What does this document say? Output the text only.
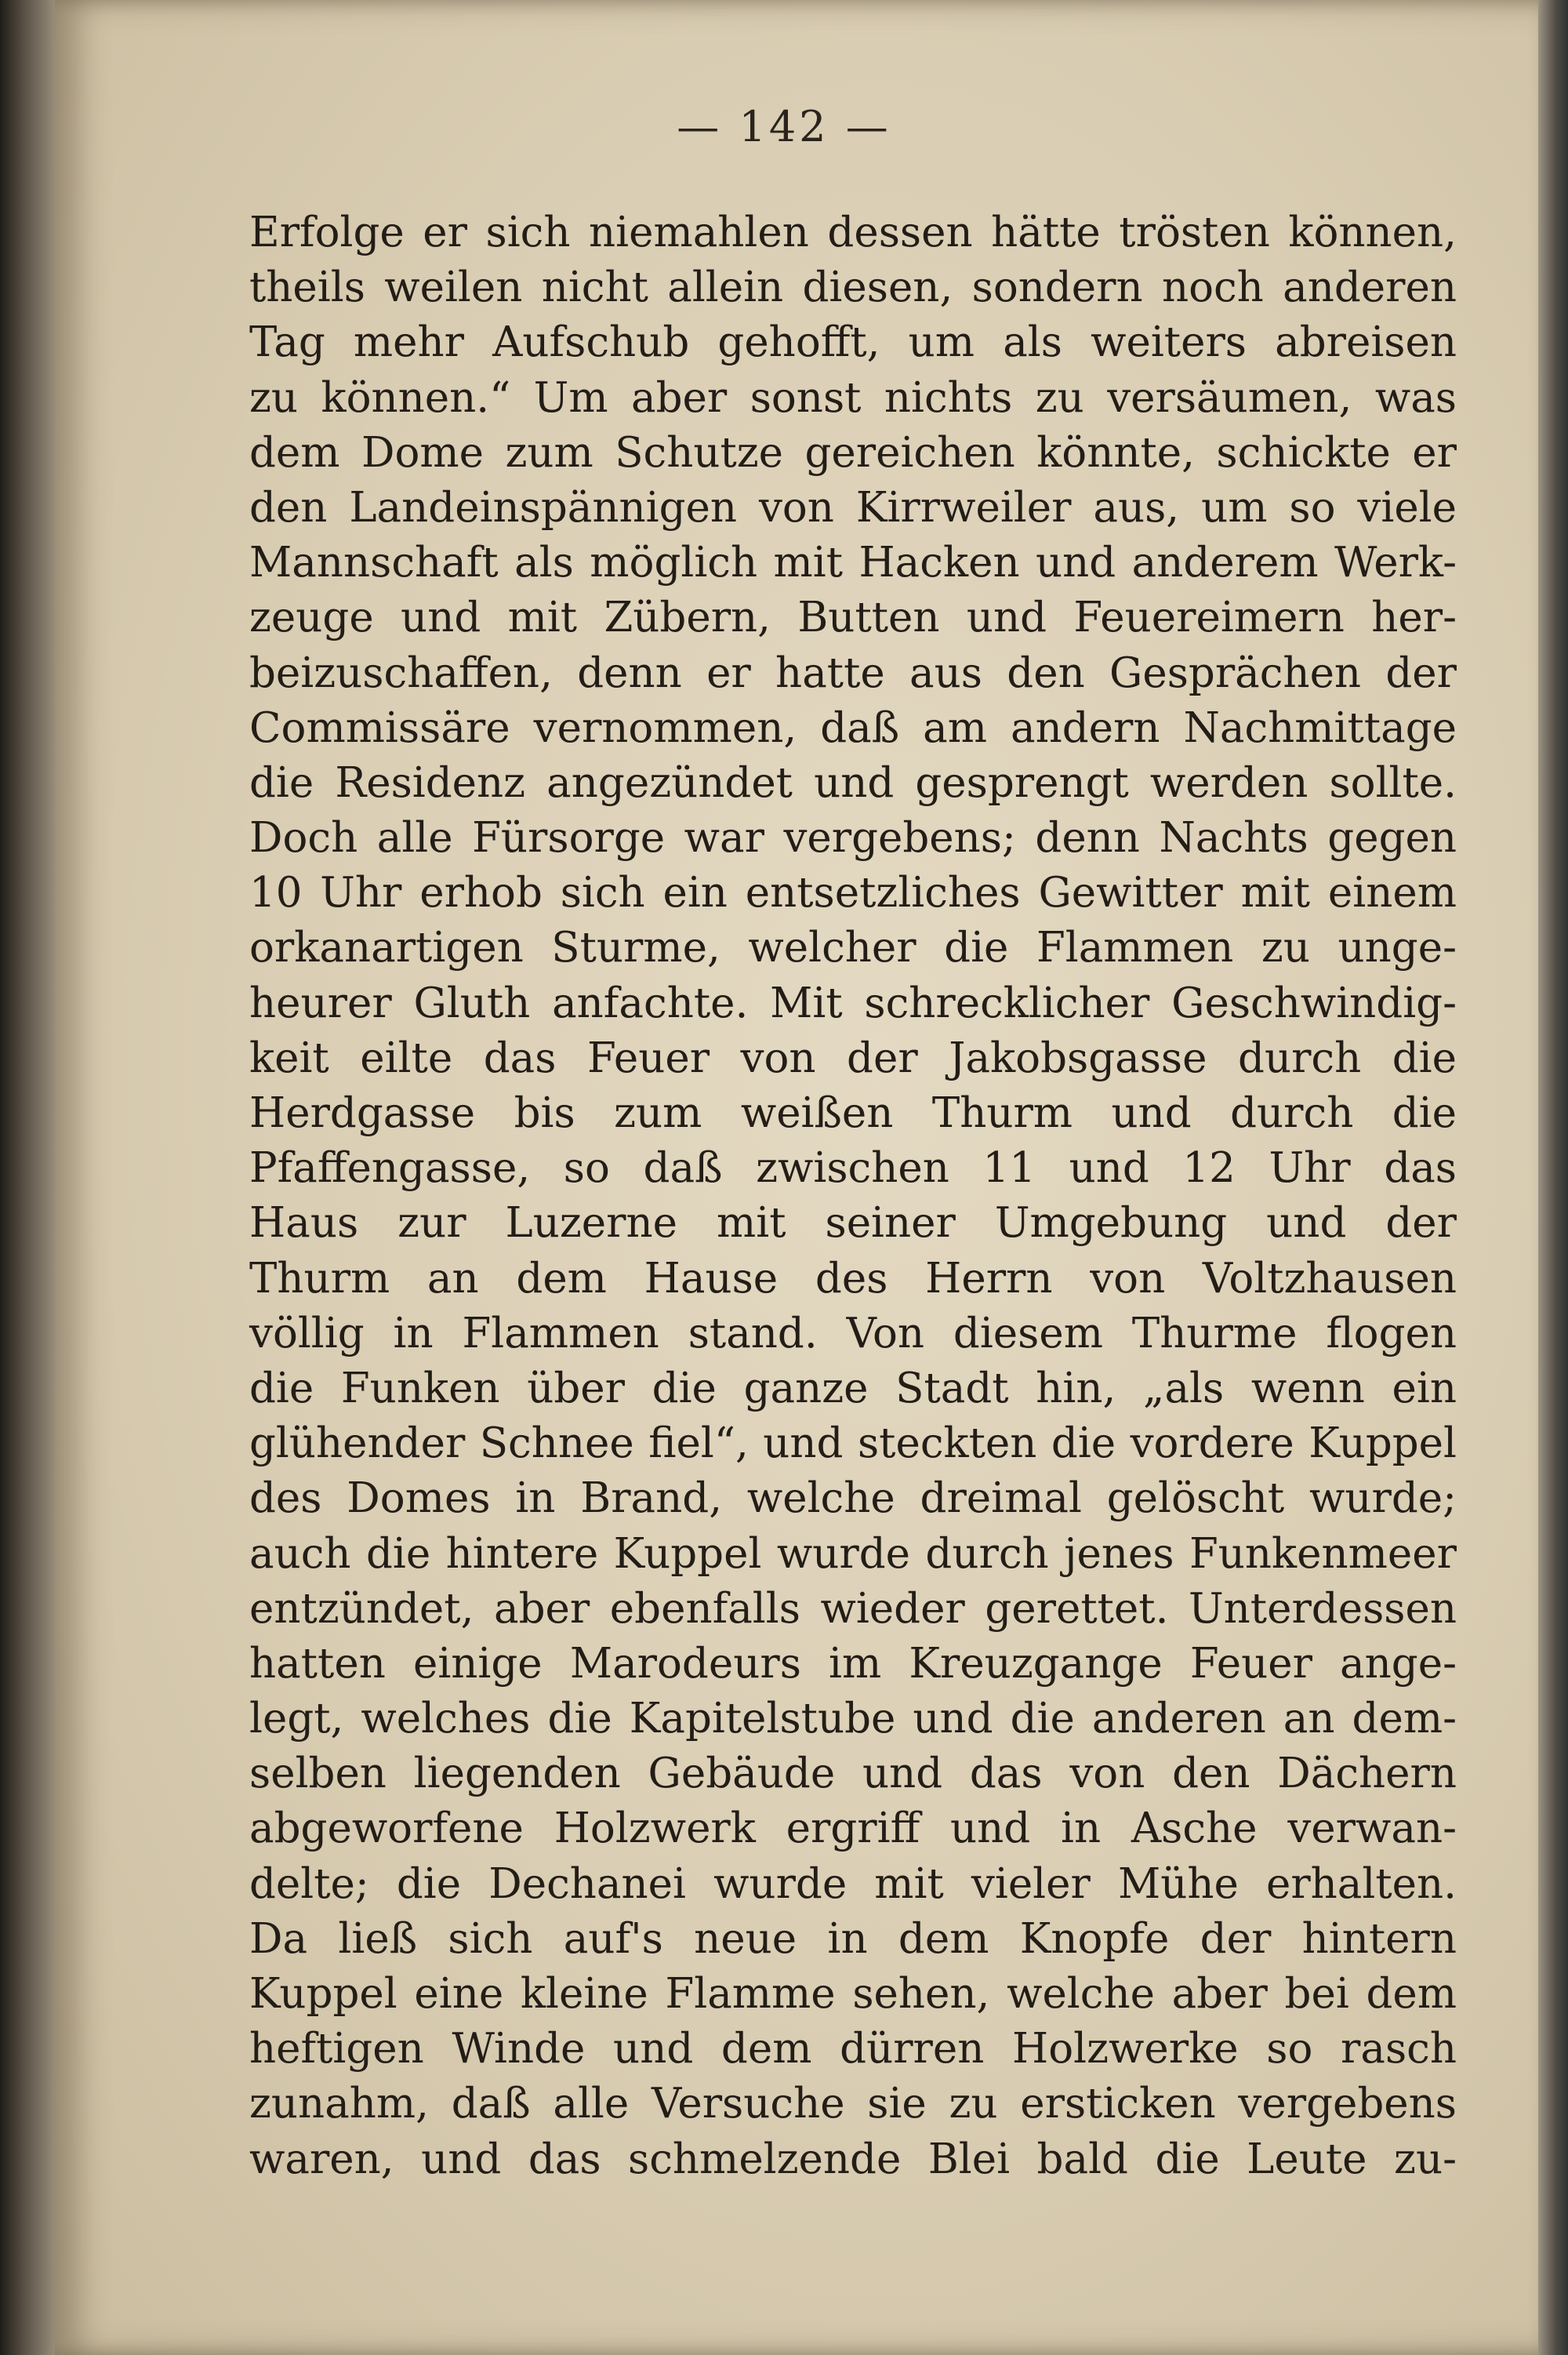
— 142 —
Erfolge er sich niemahlen dessen hätte trösten können,
theils weilen nicht allein diesen, sondern noch anderen
Tag mehr Aufschub gehofft, um als weiters abreisen
zu können.“ Um aber sonst nichts zu versäumen, was
dem Dome zum Schutze gereichen könnte, schickte er
den Landeinspännigen von Kirrweiler aus, um so viele
Mannschaft als möglich mit Hacken und anderem Werk-
zeuge und mit Zübern, Butten und Feuereimern her-
beizuschaffen, denn er hatte aus den Gesprächen der
Commissäre vernommen, daß am andern Nachmittage
die Residenz angezündet und gesprengt werden sollte.
Doch alle Fürsorge war vergebens; denn Nachts gegen
10 Uhr erhob sich ein entsetzliches Gewitter mit einem
orkanartigen Sturme, welcher die Flammen zu unge-
heurer Gluth anfachte. Mit schrecklicher Geschwindig-
keit eilte das Feuer von der Jakobsgasse durch die
Herdgasse bis zum weißen Thurm und durch die
Pfaffengasse, so daß zwischen 11 und 12 Uhr das
Haus zur Luzerne mit seiner Umgebung und der
Thurm an dem Hause des Herrn von Voltzhausen
völlig in Flammen stand. Von diesem Thurme flogen
die Funken über die ganze Stadt hin, „als wenn ein
glühender Schnee fiel“, und steckten die vordere Kuppel
des Domes in Brand, welche dreimal gelöscht wurde;
auch die hintere Kuppel wurde durch jenes Funkenmeer
entzündet, aber ebenfalls wieder gerettet. Unterdessen
hatten einige Marodeurs im Kreuzgange Feuer ange-
legt, welches die Kapitelstube und die anderen an dem-
selben liegenden Gebäude und das von den Dächern
abgeworfene Holzwerk ergriff und in Asche verwan-
delte; die Dechanei wurde mit vieler Mühe erhalten.
Da ließ sich auf's neue in dem Knopfe der hintern
Kuppel eine kleine Flamme sehen, welche aber bei dem
heftigen Winde und dem dürren Holzwerke so rasch
zunahm, daß alle Versuche sie zu ersticken vergebens
waren, und das schmelzende Blei bald die Leute zu-
